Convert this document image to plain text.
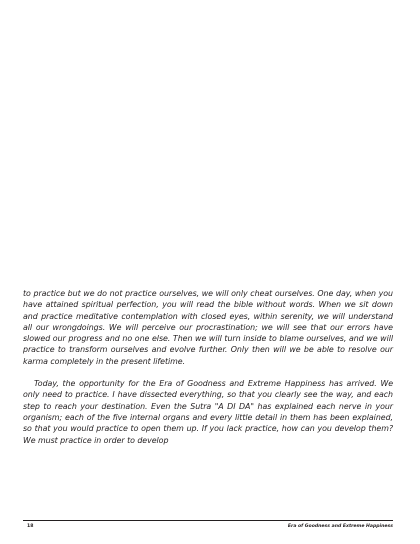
to practice but we do not practice ourselves, we will only cheat ourselves. One day, when you have attained spiritual perfection, you will read the bible without words. When we sit down and practice meditative contemplation with closed eyes, within serenity, we will understand all our wrongdoings. We will perceive our procrastination; we will see that our errors have slowed our progress and no one else. Then we will turn inside to blame ourselves, and we will practice to transform ourselves and evolve further. Only then will we be able to resolve our karma completely in the present lifetime.

Today, the opportunity for the Era of Goodness and Extreme Happiness has arrived. We only need to practice. I have dissected everything, so that you clearly see the way, and each step to reach your destination. Even the Sutra "A DI DA" has explained each nerve in your organism; each of the five internal organs and every little detail in them has been explained, so that you would practice to open them up. If you lack practice, how can you develop them? We must practice in order to develop

18	Era of Goodness and Extreme Happiness
